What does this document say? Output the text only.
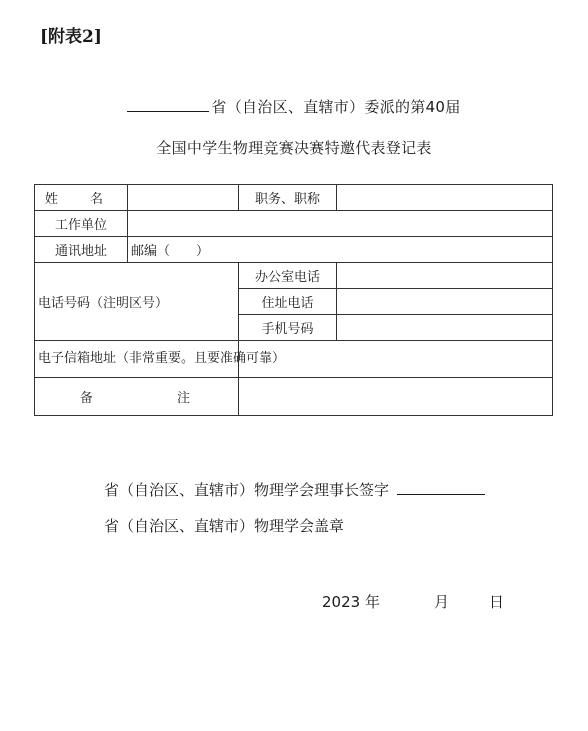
[附表2]
省（自治区、直辖市）委派的第40届
全国中学生物理竞赛决赛特邀代表登记表
姓 名		职务、职称	
工作单位			
通讯地址	邮编（　　）		
电话号码（注明区号）		办公室电话	
		住址电话	
		手机号码	
电子信箱地址（非常重要。且要准确可靠）			
备 注			
省（自治区、直辖市）物理学会理事长签字
省（自治区、直辖市）物理学会盖章
2023 年	月	日
